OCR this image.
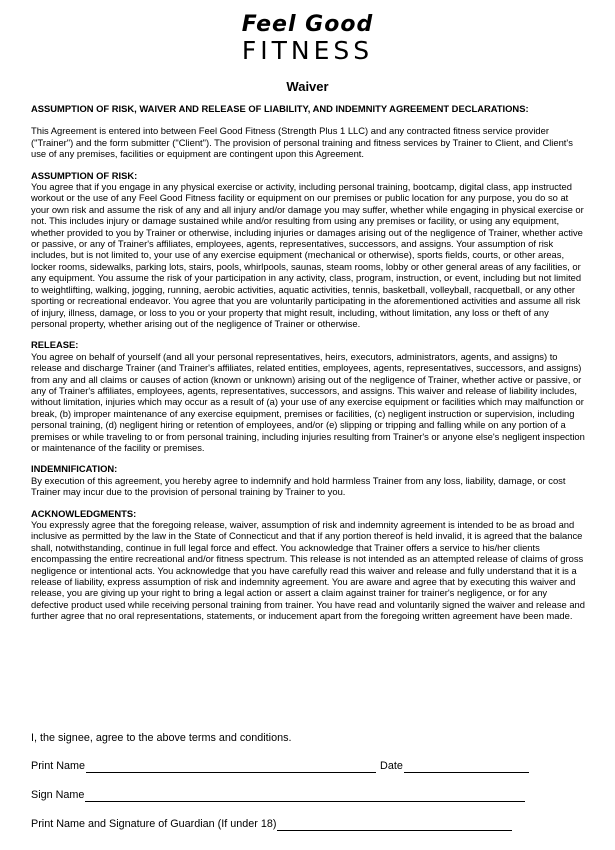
Feel Good
FITNESS
Waiver

ASSUMPTION OF RISK, WAIVER AND RELEASE OF LIABILITY, AND INDEMNITY AGREEMENT DECLARATIONS:

This Agreement is entered into between Feel Good Fitness (Strength Plus 1 LLC) and any contracted fitness service provider ("Trainer") and the form submitter ("Client"). The provision of personal training and fitness services by Trainer to Client, and Client's use of any premises, facilities or equipment are contingent upon this Agreement.

ASSUMPTION OF RISK:

You agree that if you engage in any physical exercise or activity, including personal training, bootcamp, digital class, app instructed workout or the use of any Feel Good Fitness facility or equipment on our premises or public location for any purpose, you do so at your own risk and assume the risk of any and all injury and/or damage you may suffer, whether while engaging in physical exercise or not. This includes injury or damage sustained while and/or resulting from using any premises or facility, or using any equipment, whether provided to you by Trainer or otherwise, including injuries or damages arising out of the negligence of Trainer, whether active or passive, or any of Trainer's affiliates, employees, agents, representatives, successors, and assigns. Your assumption of risk includes, but is not limited to, your use of any exercise equipment (mechanical or otherwise), sports fields, courts, or other areas, locker rooms, sidewalks, parking lots, stairs, pools, whirlpools, saunas, steam rooms, lobby or other general areas of any facilities, or any equipment. You assume the risk of your participation in any activity, class, program, instruction, or event, including but not limited to weightlifting, walking, jogging, running, aerobic activities, aquatic activities, tennis, basketball, volleyball, racquetball, or any other sporting or recreational endeavor. You agree that you are voluntarily participating in the aforementioned activities and assume all risk of injury, illness, damage, or loss to you or your property that might result, including, without limitation, any loss or theft of any personal property, whether arising out of the negligence of Trainer or otherwise.

RELEASE:

You agree on behalf of yourself (and all your personal representatives, heirs, executors, administrators, agents, and assigns) to release and discharge Trainer (and Trainer's affiliates, related entities, employees, agents, representatives, successors, and assigns) from any and all claims or causes of action (known or unknown) arising out of the negligence of Trainer, whether active or passive, or any of Trainer's affiliates, employees, agents, representatives, successors, and assigns. This waiver and release of liability includes, without limitation, injuries which may occur as a result of (a) your use of any exercise equipment or facilities which may malfunction or break, (b) improper maintenance of any exercise equipment, premises or facilities, (c) negligent instruction or supervision, including personal training, (d) negligent hiring or retention of employees, and/or (e) slipping or tripping and falling while on any portion of a premises or while traveling to or from personal training, including injuries resulting from Trainer's or anyone else's negligent inspection or maintenance of the facility or premises.

INDEMNIFICATION:

By execution of this agreement, you hereby agree to indemnify and hold harmless Trainer from any loss, liability, damage, or cost Trainer may incur due to the provision of personal training by Trainer to you.

ACKNOWLEDGMENTS:

You expressly agree that the foregoing release, waiver, assumption of risk and indemnity agreement is intended to be as broad and inclusive as permitted by the law in the State of Connecticut and that if any portion thereof is held invalid, it is agreed that the balance shall, notwithstanding, continue in full legal force and effect. You acknowledge that Trainer offers a service to his/her clients encompassing the entire recreational and/or fitness spectrum. This release is not intended as an attempted release of claims of gross negligence or intentional acts. You acknowledge that you have carefully read this waiver and release and fully understand that it is a release of liability, express assumption of risk and indemnity agreement. You are aware and agree that by executing this waiver and release, you are giving up your right to bring a legal action or assert a claim against trainer for trainer's negligence, or for any defective product used while receiving personal training from trainer. You have read and voluntarily signed the waiver and release and further agree that no oral representations, statements, or inducement apart from the foregoing written agreement have been made.

I, the signee, agree to the above terms and conditions.
Print Name	Date
Sign Name
Print Name and Signature of Guardian (If under 18)
